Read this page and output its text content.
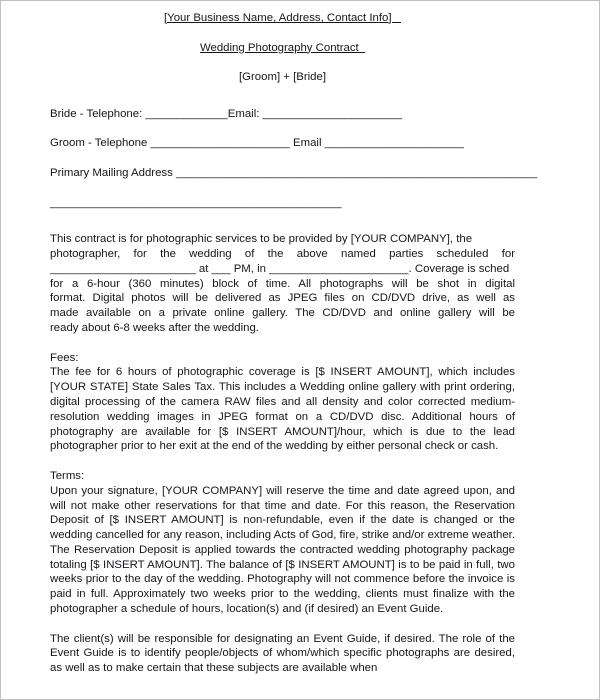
[Your Business Name, Address, Contact Info]
Wedding Photography Contract
[Groom] + [Bride]
Bride - Telephone: _____________Email: ______________________
Groom - Telephone ______________________ Email ______________________
Primary Mailing Address _________________________________________________________
______________________________________________
This contract is for photographic services to be provided by [YOUR COMPANY], the
photographer, for the wedding of the above named parties scheduled for
_______________________ at ___ PM, in ______________________. Coverage is sched
for a 6-hour (360 minutes) block of time. All photographs will be shot in digital
format. Digital photos will be delivered as JPEG files on CD/DVD drive, as well as
made available on a private online gallery. The CD/DVD and online gallery will be
ready about 6-8 weeks after the wedding.
Fees:
The fee for 6 hours of photographic coverage is [$ INSERT AMOUNT], which includes [YOUR STATE] State Sales Tax. This includes a Wedding online gallery with print ordering, digital processing of the camera RAW files and all density and color corrected medium-resolution wedding images in JPEG format on a CD/DVD disc. Additional hours of photography are available for [$ INSERT AMOUNT]/hour, which is due to the lead photographer prior to her exit at the end of the wedding by either personal check or cash.
Terms:
Upon your signature, [YOUR COMPANY] will reserve the time and date agreed upon, and will not make other reservations for that time and date. For this reason, the Reservation Deposit of [$ INSERT AMOUNT] is non-refundable, even if the date is changed or the wedding cancelled for any reason, including Acts of God, fire, strike and/or extreme weather. The Reservation Deposit is applied towards the contracted wedding photography package totaling [$ INSERT AMOUNT]. The balance of [$ INSERT AMOUNT] is to be paid in full, two weeks prior to the day of the wedding. Photography will not commence before the invoice is paid in full. Approximately two weeks prior to the wedding, clients must finalize with the photographer a schedule of hours, location(s) and (if desired) an Event Guide.
The client(s) will be responsible for designating an Event Guide, if desired. The role of the Event Guide is to identify people/objects of whom/which specific photographs are desired, as well as to make certain that these subjects are available when
